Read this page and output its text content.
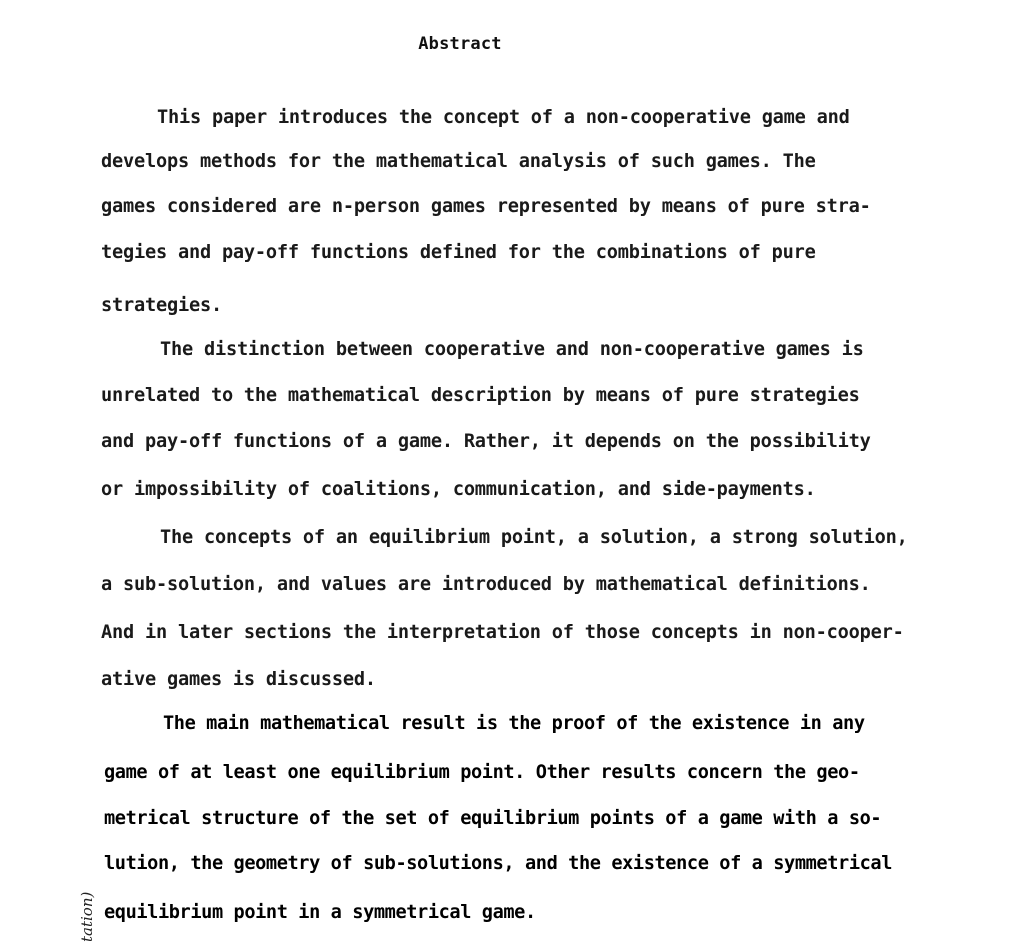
Abstract
This paper introduces the concept of a non-cooperative game and
develops methods for the mathematical analysis of such games. The
games considered are n-person games represented by means of pure stra-
tegies and pay-off functions defined for the combinations of pure
strategies.
The distinction between cooperative and non-cooperative games is
unrelated to the mathematical description by means of pure strategies
and pay-off functions of a game. Rather, it depends on the possibility
or impossibility of coalitions, communication, and side-payments.
The concepts of an equilibrium point, a solution, a strong solution,
a sub-solution, and values are introduced by mathematical definitions.
And in later sections the interpretation of those concepts in non-cooper-
ative games is discussed.
The main mathematical result is the proof of the existence in any
game of at least one equilibrium point. Other results concern the geo-
metrical structure of the set of equilibrium points of a game with a so-
lution, the geometry of sub-solutions, and the existence of a symmetrical
equilibrium point in a symmetrical game.
tation)
